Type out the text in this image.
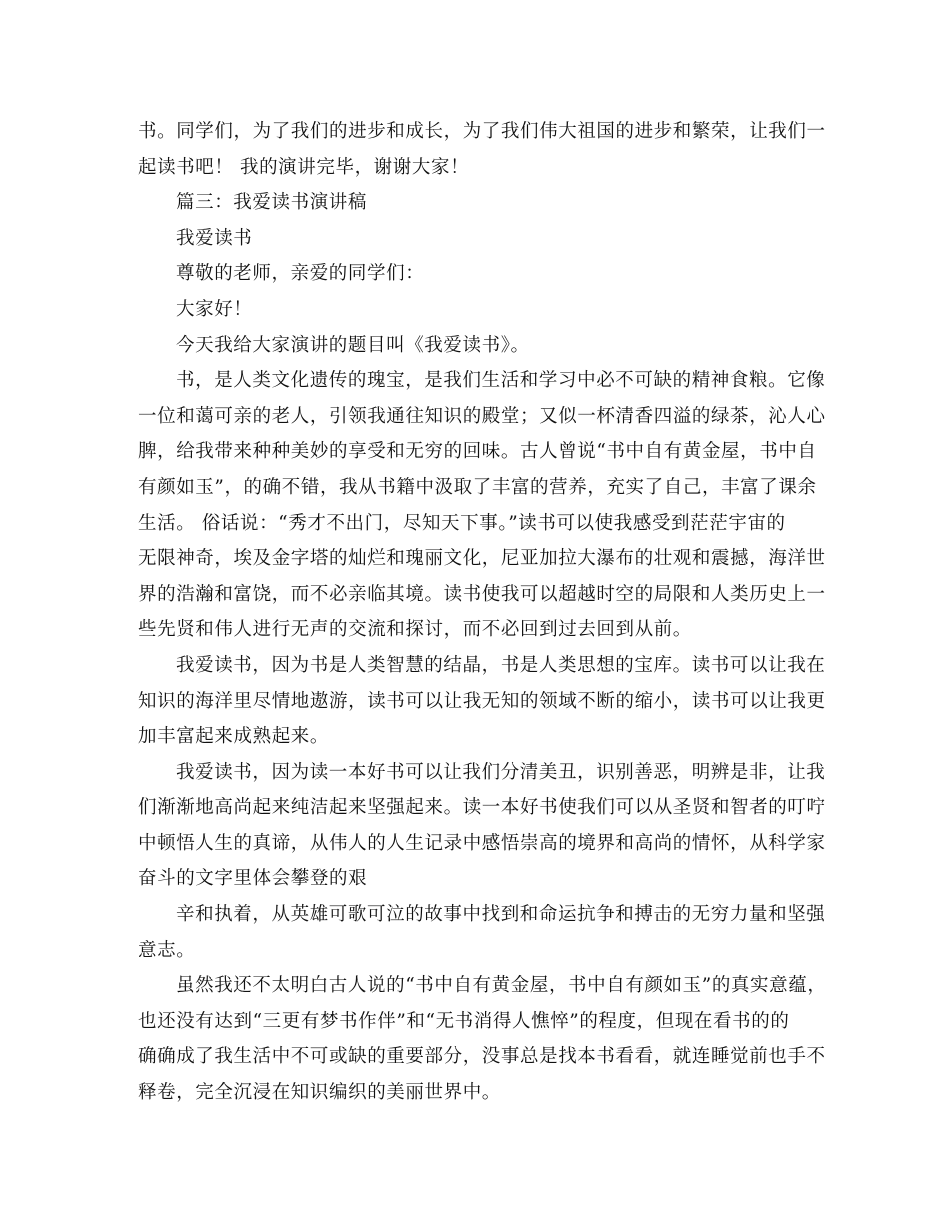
书。同学们，为了我们的进步和成长，为了我们伟大祖国的进步和繁荣，让我们一
起读书吧！ 我的演讲完毕，谢谢大家！
篇三：我爱读书演讲稿
我爱读书
尊敬的老师，亲爱的同学们：
大家好！
今天我给大家演讲的题目叫《我爱读书》。
书，是人类文化遗传的瑰宝，是我们生活和学习中必不可缺的精神食粮。它像
一位和蔼可亲的老人，引领我通往知识的殿堂；又似一杯清香四溢的绿茶，沁人心
脾，给我带来种种美妙的享受和无穷的回味。古人曾说“书中自有黄金屋，书中自
有颜如玉”，的确不错，我从书籍中汲取了丰富的营养，充实了自己，丰富了课余
生活。 俗话说：“秀才不出门，尽知天下事。”读书可以使我感受到茫茫宇宙的
无限神奇，埃及金字塔的灿烂和瑰丽文化，尼亚加拉大瀑布的壮观和震撼，海洋世
界的浩瀚和富饶，而不必亲临其境。读书使我可以超越时空的局限和人类历史上一
些先贤和伟人进行无声的交流和探讨，而不必回到过去回到从前。
我爱读书，因为书是人类智慧的结晶，书是人类思想的宝库。读书可以让我在
知识的海洋里尽情地遨游，读书可以让我无知的领域不断的缩小，读书可以让我更
加丰富起来成熟起来。
我爱读书，因为读一本好书可以让我们分清美丑，识别善恶，明辨是非，让我
们渐渐地高尚起来纯洁起来坚强起来。读一本好书使我们可以从圣贤和智者的叮咛
中顿悟人生的真谛，从伟人的人生记录中感悟崇高的境界和高尚的情怀，从科学家
奋斗的文字里体会攀登的艰
辛和执着，从英雄可歌可泣的故事中找到和命运抗争和搏击的无穷力量和坚强
意志。
虽然我还不太明白古人说的“书中自有黄金屋，书中自有颜如玉”的真实意蕴，
也还没有达到“三更有梦书作伴”和“无书消得人憔悴”的程度，但现在看书的的
确确成了我生活中不可或缺的重要部分，没事总是找本书看看，就连睡觉前也手不
释卷，完全沉浸在知识编织的美丽世界中。
